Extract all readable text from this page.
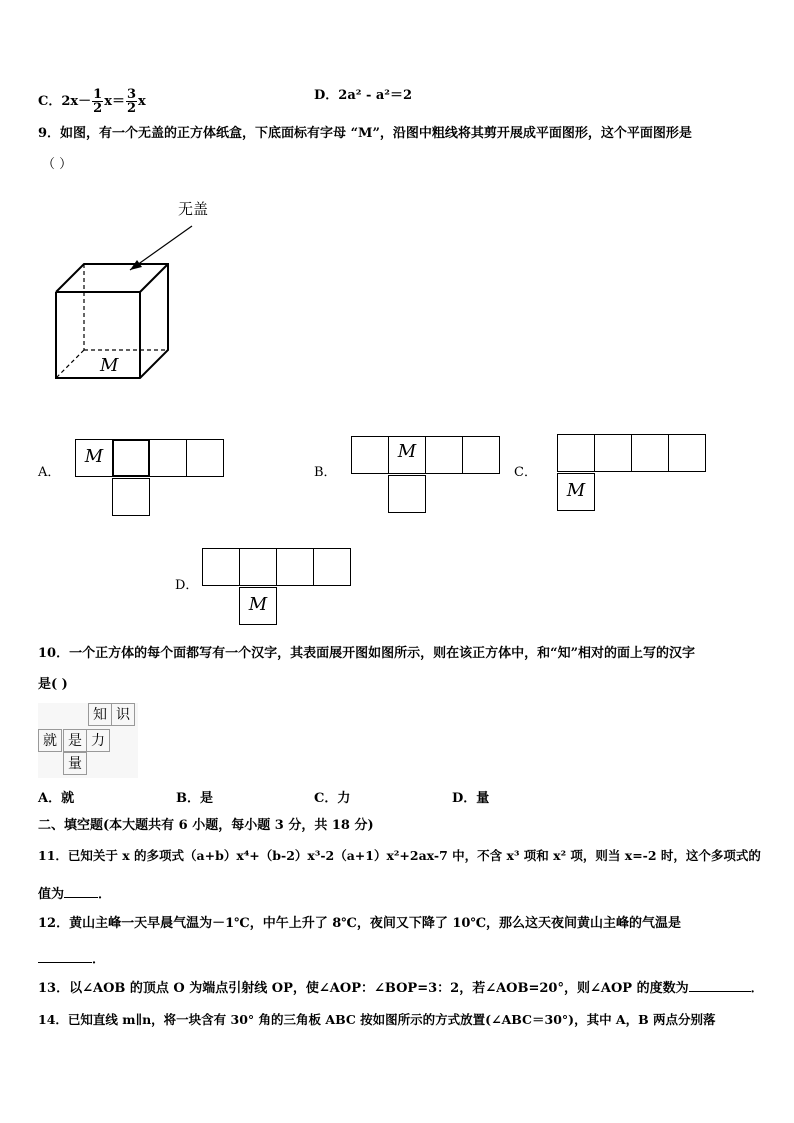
C．$2x- \frac{1}{2} x= \frac{3}{2}$ x	D．2a² - a²＝2
9．如图，有一个无盖的正方体纸盒，下底面标有字母 “M”，沿图中粗线将其剪开展成平面图形，这个平面图形是
（ ）
无盖
M
A．
M
B．
M
C．
M
D．
M
10．一个正方体的每个面都写有一个汉字，其表面展开图如图所示，则在该正方体中，和“知”相对的面上写的汉字
是( )
知 识
就 是 力
量
A．就	B．是	C．力	D．量
二、填空题(本大题共有 6 小题，每小题 3 分，共 18 分)
11．已知关于 x 的多项式（a+b）x⁴+（b-2）x³-2（a+1）x²+2ax-7 中，不含 x³ 项和 x² 项，则当 x=-2 时，这个多项式的
值为	．
12．黄山主峰一天早晨气温为－1℃，中午上升了 8℃，夜间又下降了 10℃，那么这天夜间黄山主峰的气温是
．
13．以∠AOB 的顶点 O 为端点引射线 OP，使∠AOP：∠BOP=3：2，若∠AOB=20°，则∠AOP 的度数为	．
14．已知直线 m∥n，将一块含有 30° 角的三角板 ABC 按如图所示的方式放置(∠ABC＝30°)，其中 A，B 两点分别落
